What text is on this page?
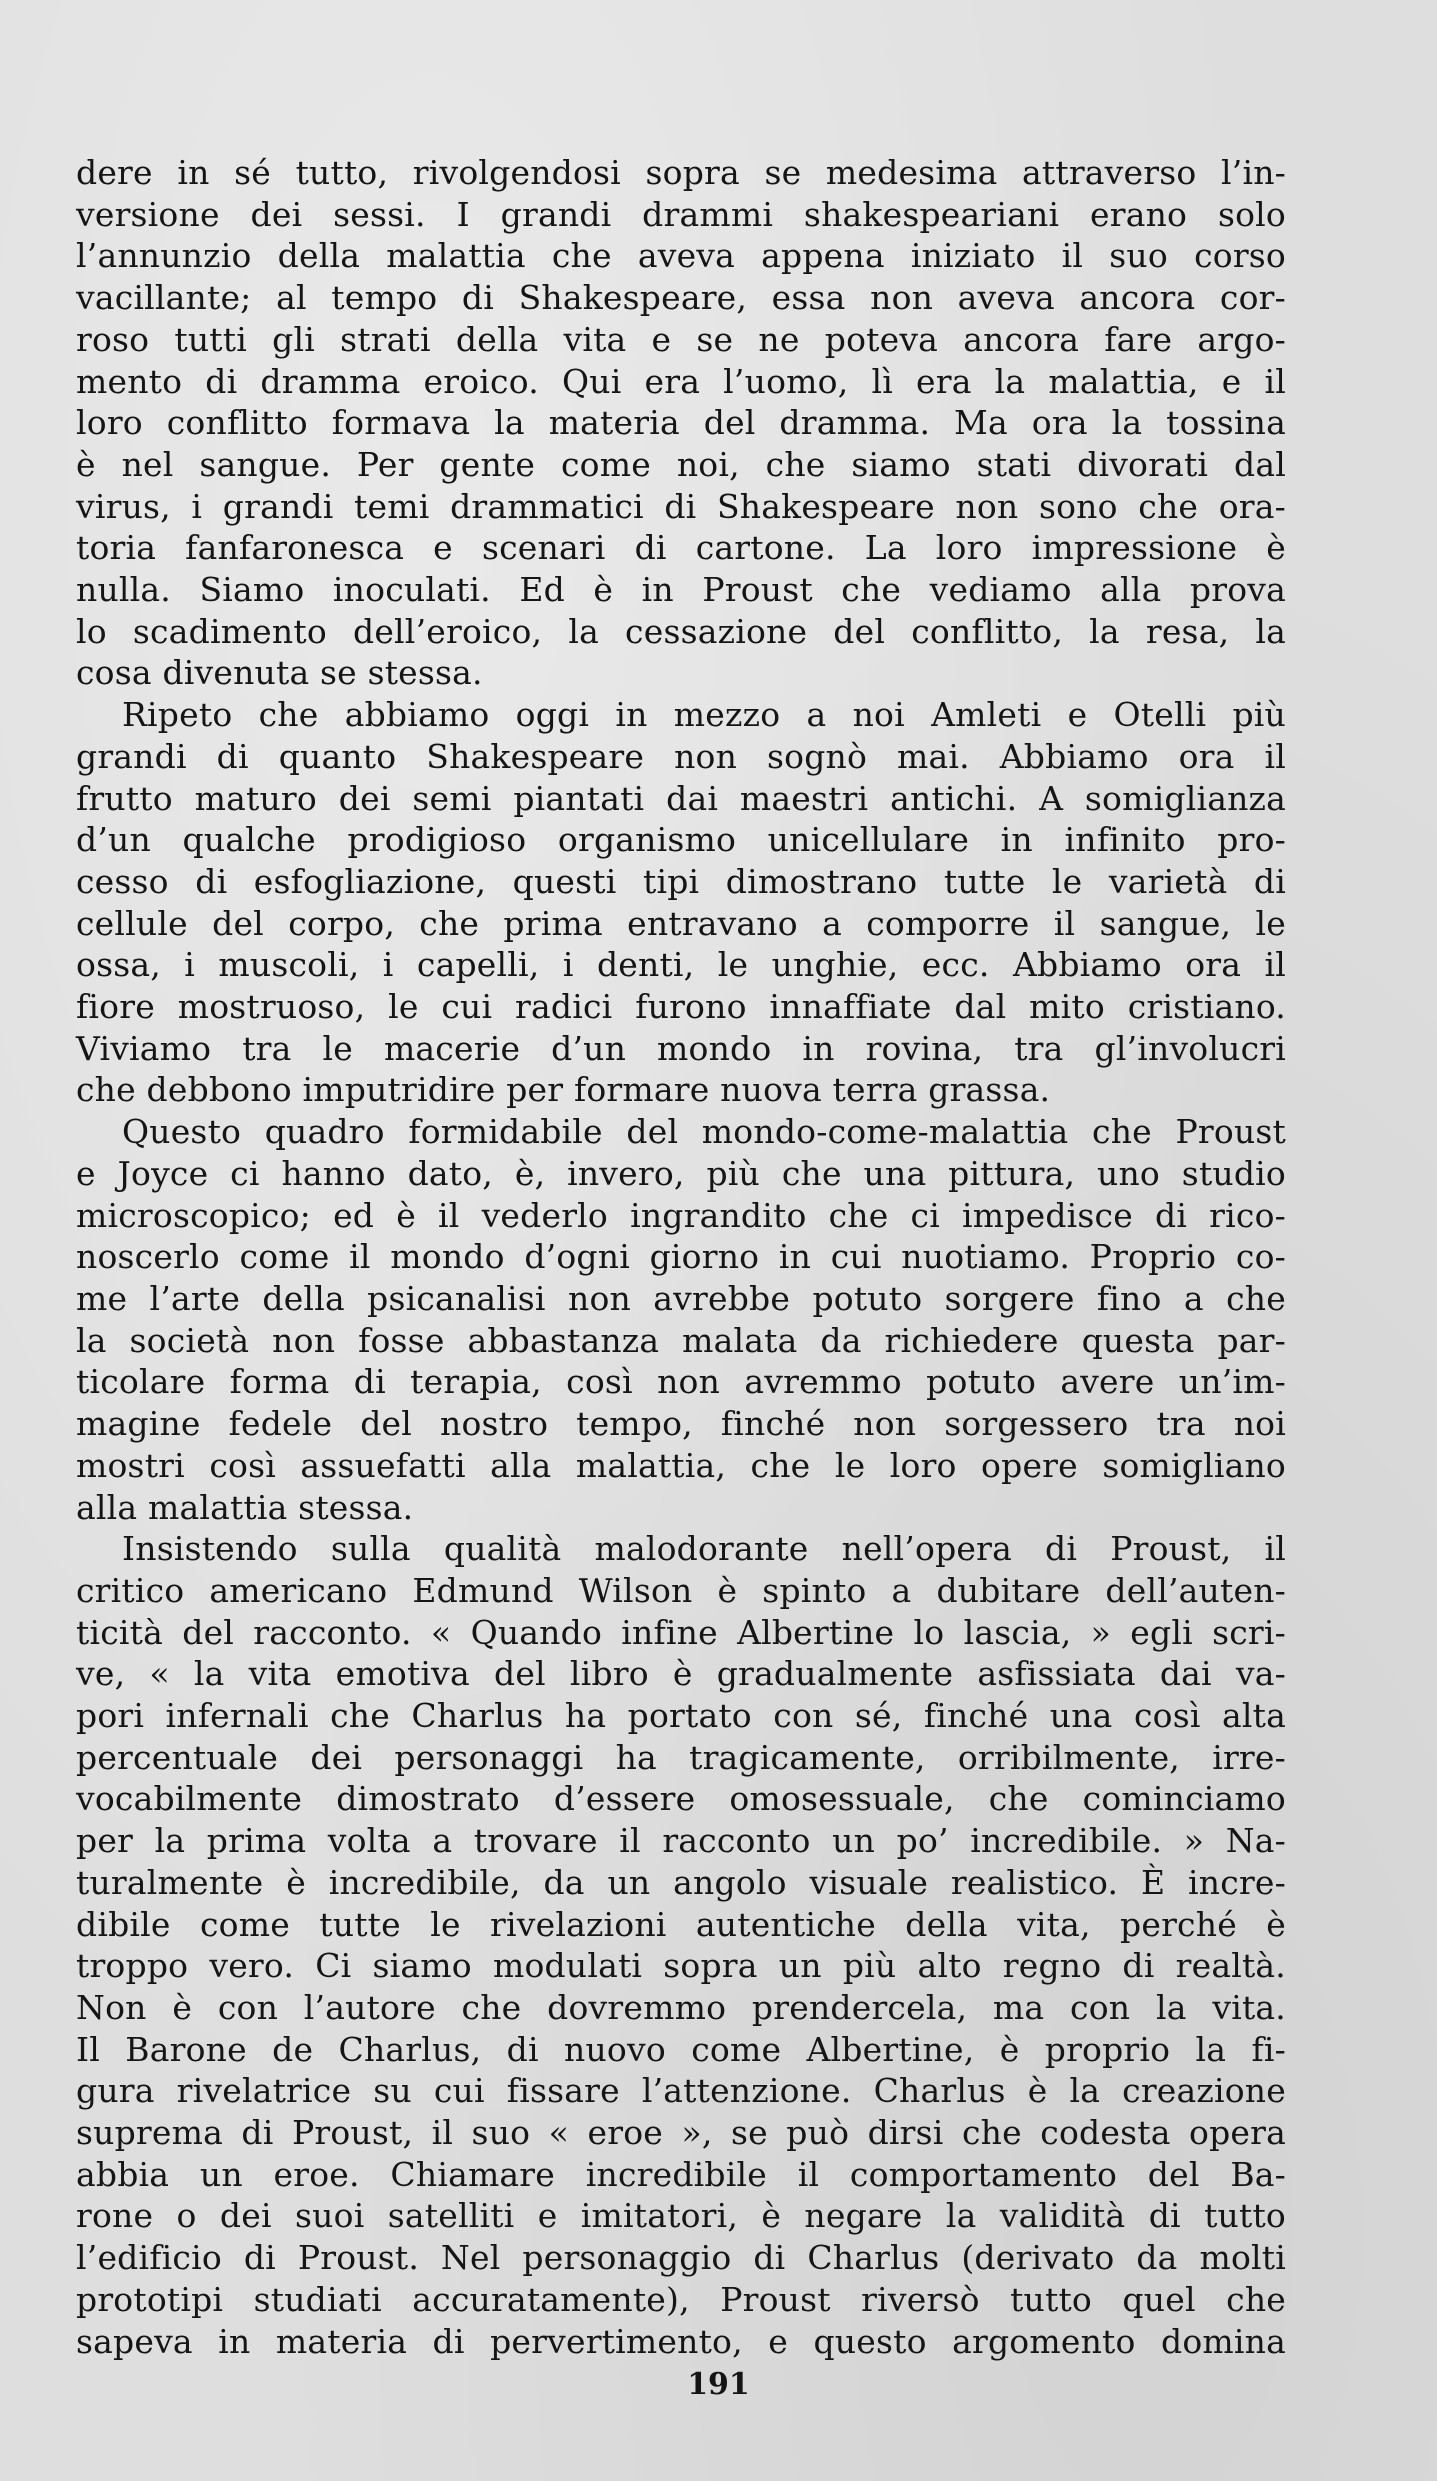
dere in sé tutto, rivolgendosi sopra se medesima attraverso l’in-
versione dei sessi. I grandi drammi shakespeariani erano solo
l’annunzio della malattia che aveva appena iniziato il suo corso
vacillante; al tempo di Shakespeare, essa non aveva ancora cor-
roso tutti gli strati della vita e se ne poteva ancora fare argo-
mento di dramma eroico. Qui era l’uomo, lì era la malattia, e il
loro conflitto formava la materia del dramma. Ma ora la tossina
è nel sangue. Per gente come noi, che siamo stati divorati dal
virus, i grandi temi drammatici di Shakespeare non sono che ora-
toria fanfaronesca e scenari di cartone. La loro impressione è
nulla. Siamo inoculati. Ed è in Proust che vediamo alla prova
lo scadimento dell’eroico, la cessazione del conflitto, la resa, la
cosa divenuta se stessa.
Ripeto che abbiamo oggi in mezzo a noi Amleti e Otelli più
grandi di quanto Shakespeare non sognò mai. Abbiamo ora il
frutto maturo dei semi piantati dai maestri antichi. A somiglianza
d’un qualche prodigioso organismo unicellulare in infinito pro-
cesso di esfogliazione, questi tipi dimostrano tutte le varietà di
cellule del corpo, che prima entravano a comporre il sangue, le
ossa, i muscoli, i capelli, i denti, le unghie, ecc. Abbiamo ora il
fiore mostruoso, le cui radici furono innaffiate dal mito cristiano.
Viviamo tra le macerie d’un mondo in rovina, tra gl’involucri
che debbono imputridire per formare nuova terra grassa.
Questo quadro formidabile del mondo-come-malattia che Proust
e Joyce ci hanno dato, è, invero, più che una pittura, uno studio
microscopico; ed è il vederlo ingrandito che ci impedisce di rico-
noscerlo come il mondo d’ogni giorno in cui nuotiamo. Proprio co-
me l’arte della psicanalisi non avrebbe potuto sorgere fino a che
la società non fosse abbastanza malata da richiedere questa par-
ticolare forma di terapia, così non avremmo potuto avere un’im-
magine fedele del nostro tempo, finché non sorgessero tra noi
mostri così assuefatti alla malattia, che le loro opere somigliano
alla malattia stessa.
Insistendo sulla qualità malodorante nell’opera di Proust, il
critico americano Edmund Wilson è spinto a dubitare dell’auten-
ticità del racconto. « Quando infine Albertine lo lascia, » egli scri-
ve, « la vita emotiva del libro è gradualmente asfissiata dai va-
pori infernali che Charlus ha portato con sé, finché una così alta
percentuale dei personaggi ha tragicamente, orribilmente, irre-
vocabilmente dimostrato d’essere omosessuale, che cominciamo
per la prima volta a trovare il racconto un po’ incredibile. » Na-
turalmente è incredibile, da un angolo visuale realistico. È incre-
dibile come tutte le rivelazioni autentiche della vita, perché è
troppo vero. Ci siamo modulati sopra un più alto regno di realtà.
Non è con l’autore che dovremmo prendercela, ma con la vita.
Il Barone de Charlus, di nuovo come Albertine, è proprio la fi-
gura rivelatrice su cui fissare l’attenzione. Charlus è la creazione
suprema di Proust, il suo « eroe », se può dirsi che codesta opera
abbia un eroe. Chiamare incredibile il comportamento del Ba-
rone o dei suoi satelliti e imitatori, è negare la validità di tutto
l’edificio di Proust. Nel personaggio di Charlus (derivato da molti
prototipi studiati accuratamente), Proust riversò tutto quel che
sapeva in materia di pervertimento, e questo argomento domina
191
